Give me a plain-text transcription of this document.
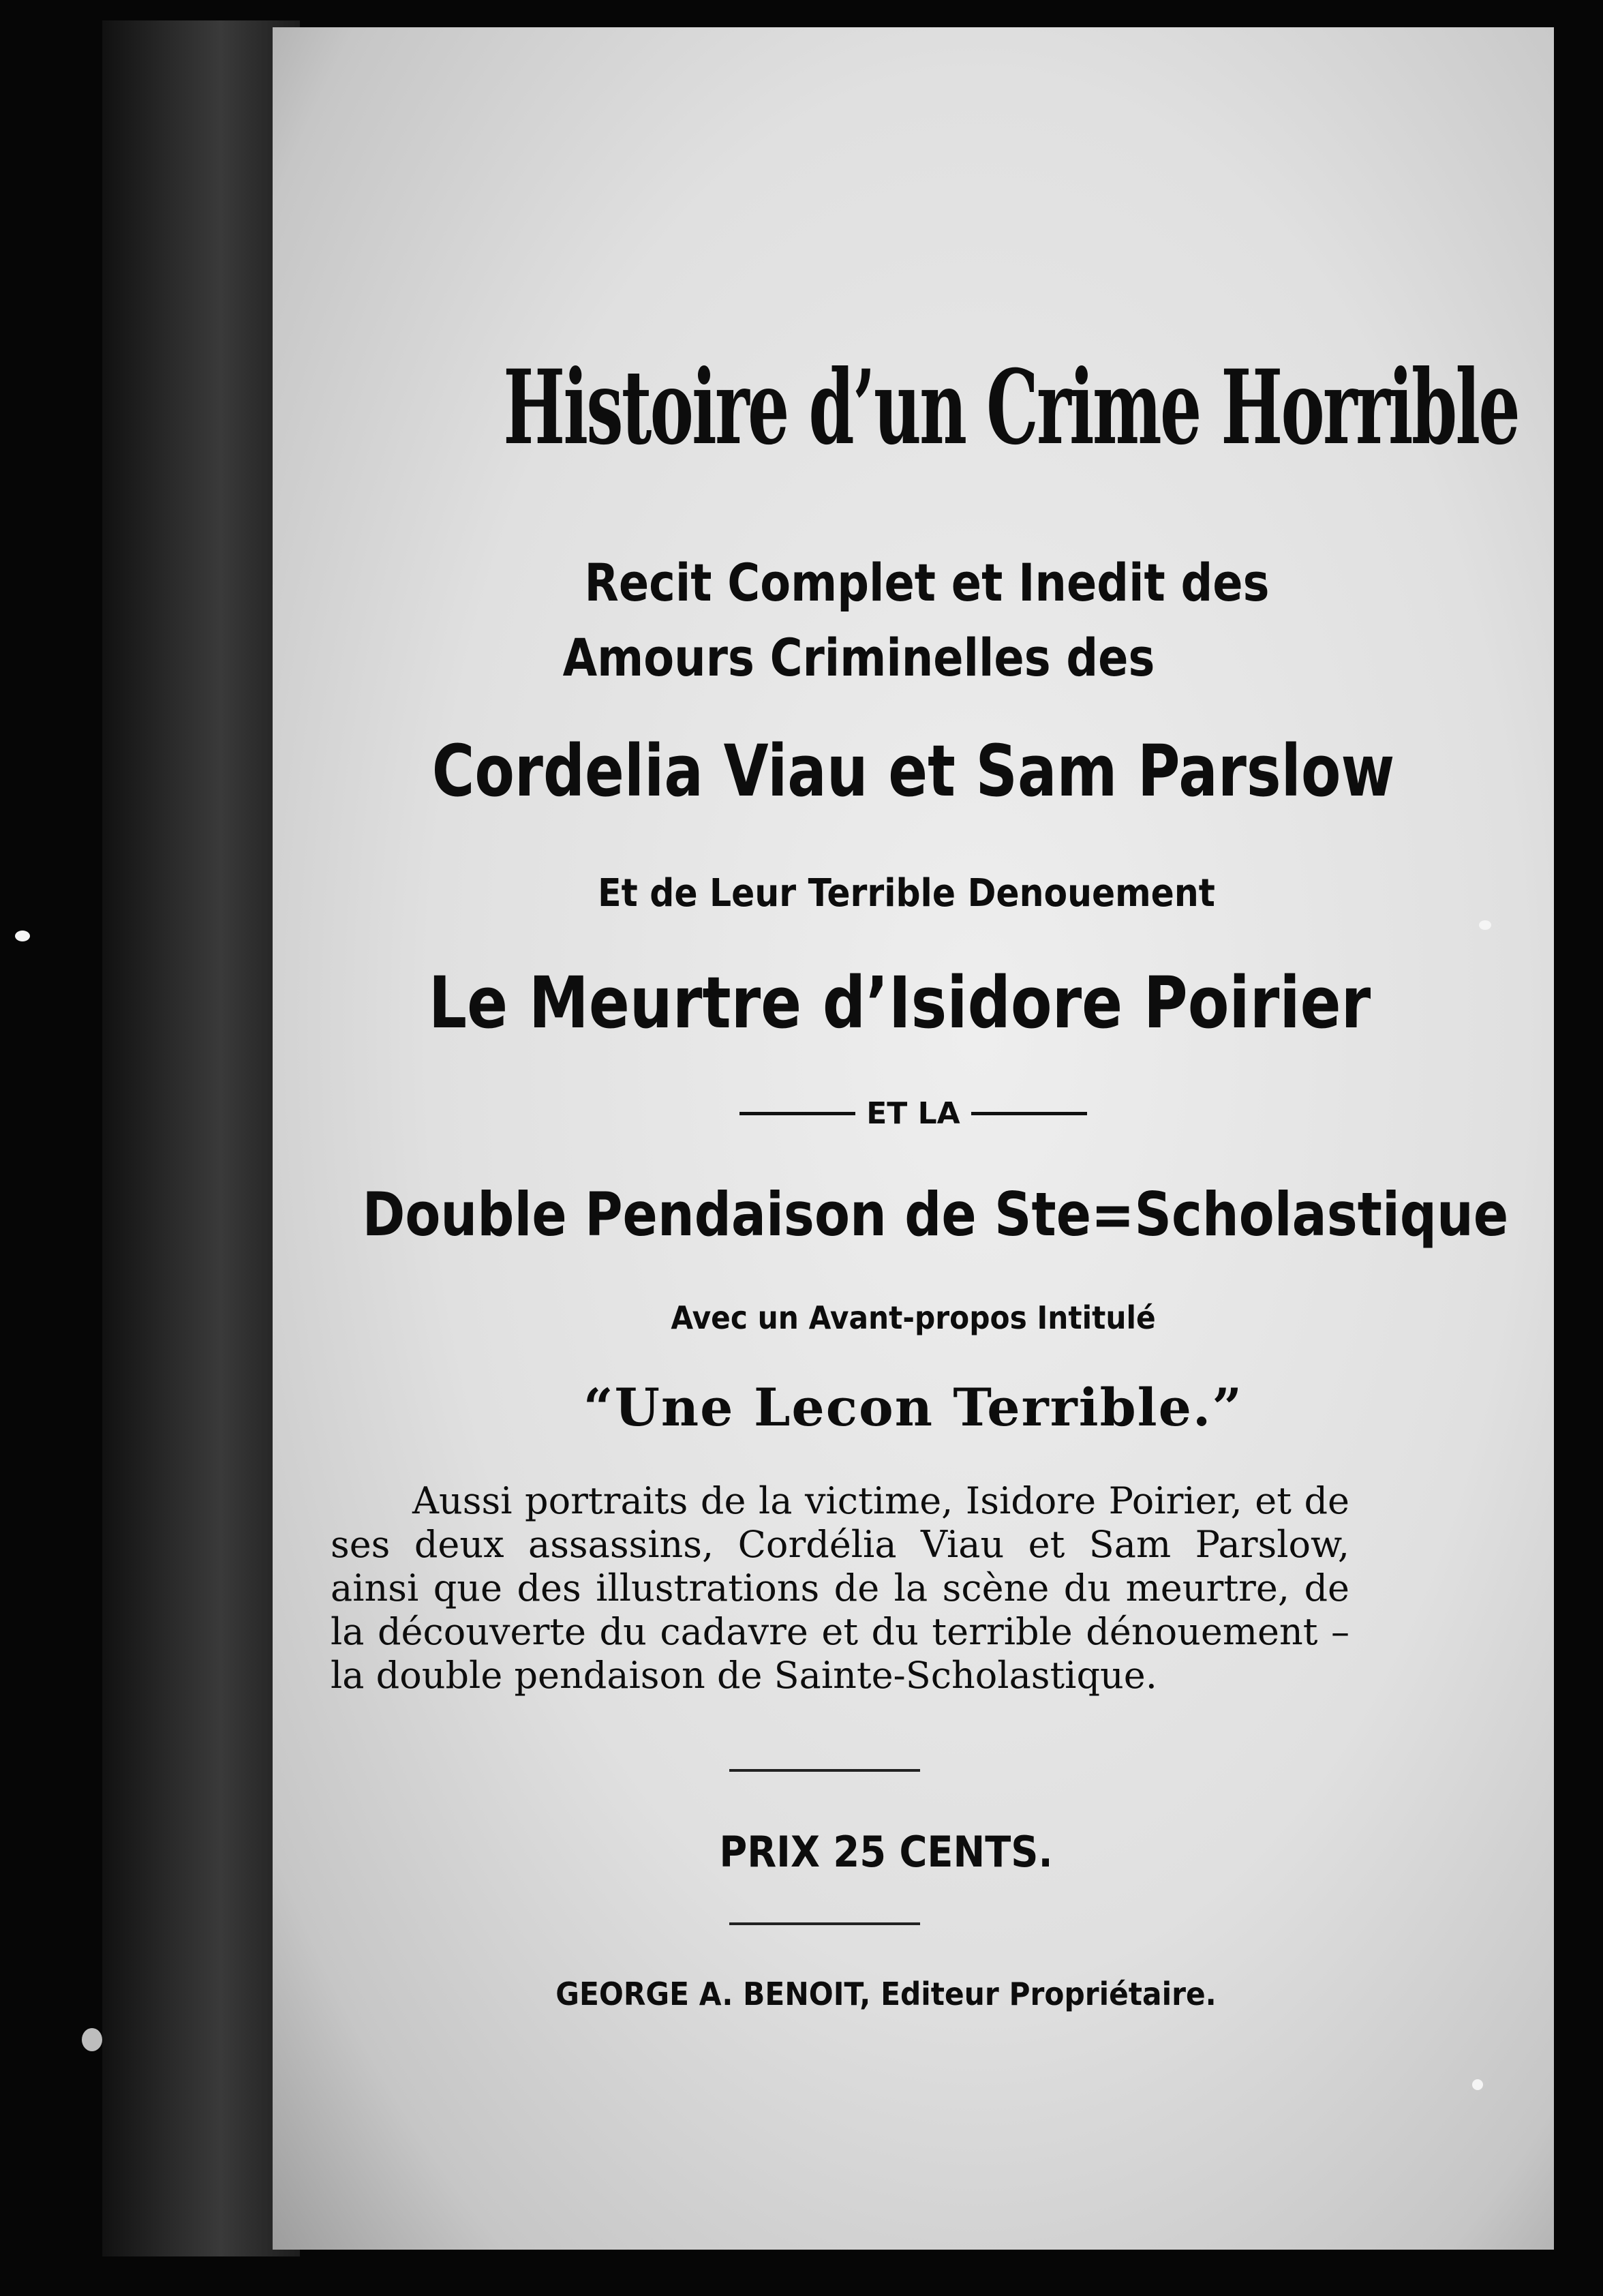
Histoire d’un Crime Horrible
Recit Complet et Inedit des
Amours Criminelles des
Cordelia Viau et Sam Parslow
Et de Leur Terrible Denouement
Le Meurtre d’Isidore Poirier
ET LA
Double Pendaison de Ste=Scholastique
Avec un Avant-propos Intitulé
“Une Lecon Terrible.”

Aussi portraits de la victime, Isidore Poirier, et de ses deux assassins, Cordélia Viau et Sam Parslow, ainsi que des illustrations de la scène du meurtre, de la découverte du cadavre et du terrible dénouement – la double pendaison de Sainte-Scholastique.

PRIX 25 CENTS.
GEORGE A. BENOIT, Editeur Propriétaire.
